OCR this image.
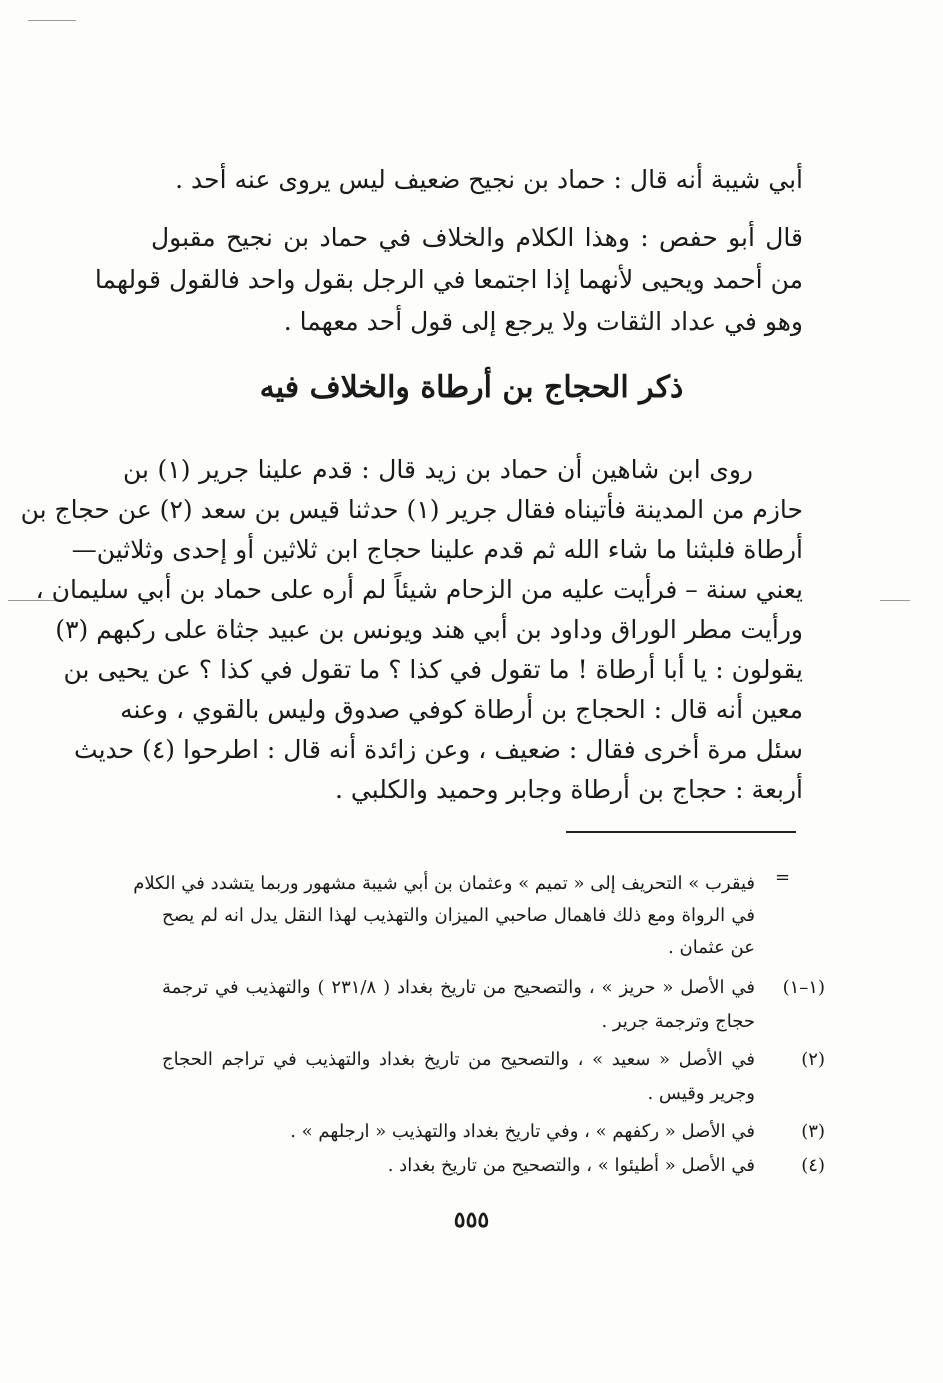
أبي شيبة أنه قال : حماد بن نجيح ضعيف ليس يروى عنه أحد .
قال أبو حفص : وهذا الكلام والخلاف في حماد بن نجيح مقبول
من أحمد ويحيى لأنهما إذا اجتمعا في الرجل بقول واحد فالقول قولهما
وهو في عداد الثقات ولا يرجع إلى قول أحد معهما .
ذكر الحجاج بن أرطاة والخلاف فيه
روى ابن شاهين أن حماد بن زيد قال : قدم علينا جرير (١) بن
حازم من المدينة فأتيناه فقال جرير (١) حدثنا قيس بن سعد (٢) عن حجاج بن
أرطاة فلبثنا ما شاء الله ثم قدم علينا حجاج ابن ثلاثين أو إحدى وثلاثين—
يعني سنة – فرأيت عليه من الزحام شيئاً لم أره على حماد بن أبي سليمان ،
ورأيت مطر الوراق وداود بن أبي هند ويونس بن عبيد جثاة على ركبهم (٣)
يقولون : يا أبا أرطاة ! ما تقول في كذا ؟ ما تقول في كذا ؟ عن يحيى بن
معين أنه قال : الحجاج بن أرطاة كوفي صدوق وليس بالقوي ، وعنه
سئل مرة أخرى فقال : ضعيف ، وعن زائدة أنه قال : اطرحوا (٤) حديث
أربعة : حجاج بن أرطاة وجابر وحميد والكلبي .
=
فيقرب » التحريف إلى « تميم » وعثمان بن أبي شيبة مشهور وربما يتشدد في الكلام
في الرواة ومع ذلك فاهمال صاحبي الميزان والتهذيب لهذا النقل يدل انه لم يصح
عن عثمان .
(١–١)
في الأصل « حريز » ، والتصحيح من تاريخ بغداد ( ٢٣١/٨ ) والتهذيب في ترجمة
حجاج وترجمة جرير .
(٢)
في الأصل « سعيد » ، والتصحيح من تاريخ بغداد والتهذيب في تراجم الحجاج
وجرير وقيس .
(٣)
في الأصل « ركفهم » ، وفي تاريخ بغداد والتهذيب « ارجلهم » .
(٤)
في الأصل « أطيئوا » ، والتصحيح من تاريخ بغداد .
٥٥٥
